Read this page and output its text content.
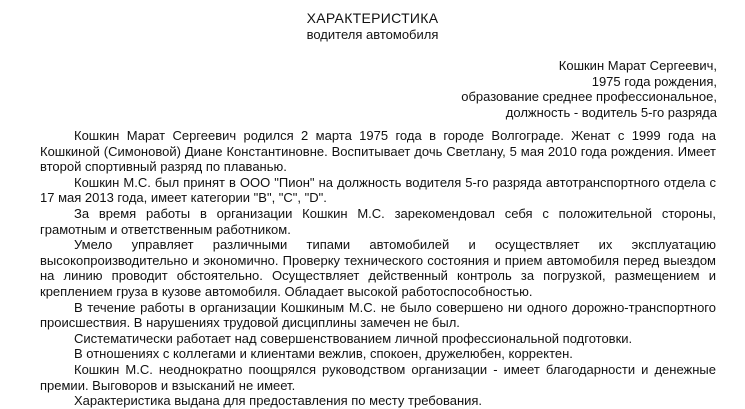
ХАРАКТЕРИСТИКА
водителя автомобиля
Кошкин Марат Сергеевич,
1975 года рождения,
образование среднее профессиональное,
должность - водитель 5-го разряда

Кошкин Марат Сергеевич родился 2 марта 1975 года в городе Волгограде. Женат с 1999 года на Кошкиной (Симоновой) Диане Константиновне. Воспитывает дочь Светлану, 5 мая 2010 года рождения. Имеет второй спортивный разряд по плаванью.

Кошкин М.С. был принят в ООО "Пион" на должность водителя 5-го разряда автотранспортного отдела с 17 мая 2013 года, имеет категории "B", "C", "D".

За время работы в организации Кошкин М.С. зарекомендовал себя с положительной стороны, грамотным и ответственным работником.

Умело управляет различными типами автомобилей и осуществляет их эксплуатацию высокопроизводительно и экономично. Проверку технического состояния и прием автомобиля перед выездом на линию проводит обстоятельно. Осуществляет действенный контроль за погрузкой, размещением и креплением груза в кузове автомобиля. Обладает высокой работоспособностью.

В течение работы в организации Кошкиным М.С. не было совершено ни одного дорожно-транспортного происшествия. В нарушениях трудовой дисциплины замечен не был.

Систематически работает над совершенствованием личной профессиональной подготовки.

В отношениях с коллегами и клиентами вежлив, спокоен, дружелюбен, корректен.

Кошкин М.С. неоднократно поощрялся руководством организации - имеет благодарности и денежные премии. Выговоров и взысканий не имеет.

Характеристика выдана для предоставления по месту требования.
